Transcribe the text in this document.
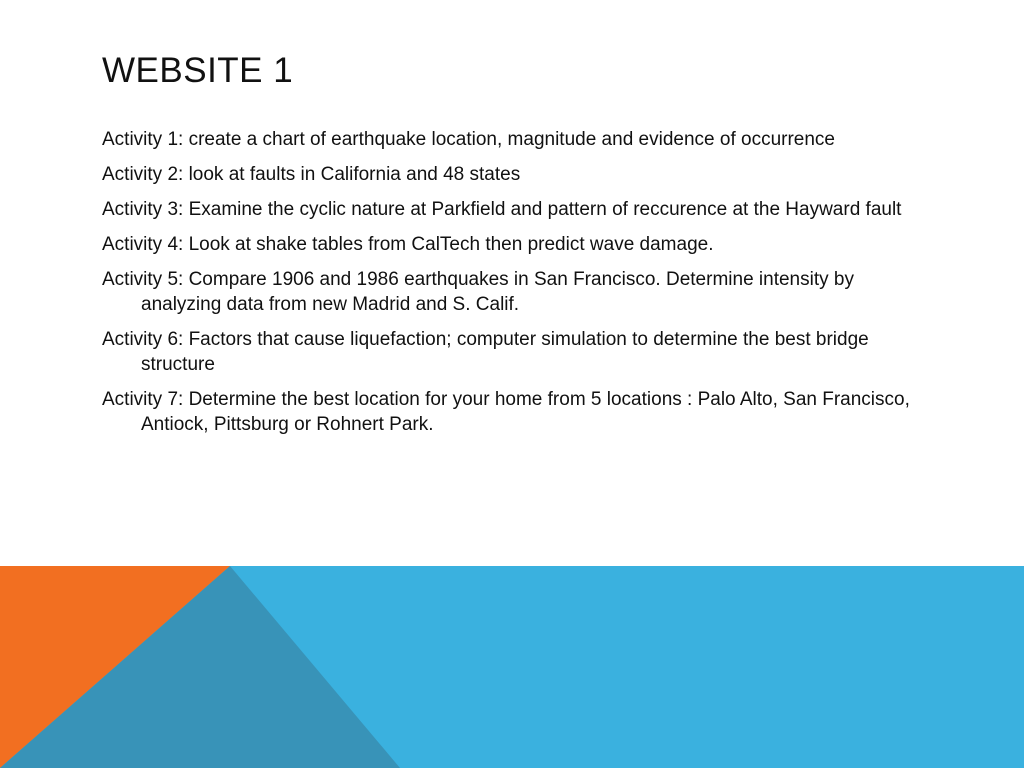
WEBSITE 1
Activity 1: create a chart of earthquake location, magnitude and evidence of occurrence
Activity 2: look at faults in California and 48 states
Activity 3: Examine the cyclic nature at Parkfield and pattern of reccurence at the Hayward fault
Activity 4: Look at shake tables from CalTech then predict wave damage.
Activity 5: Compare 1906 and 1986 earthquakes in San Francisco. Determine intensity by analyzing data from new Madrid and S. Calif.
Activity 6: Factors that cause liquefaction; computer simulation to determine the best bridge structure
Activity 7: Determine the best location for your home from 5 locations : Palo Alto, San Francisco, Antiock, Pittsburg or Rohnert Park.
